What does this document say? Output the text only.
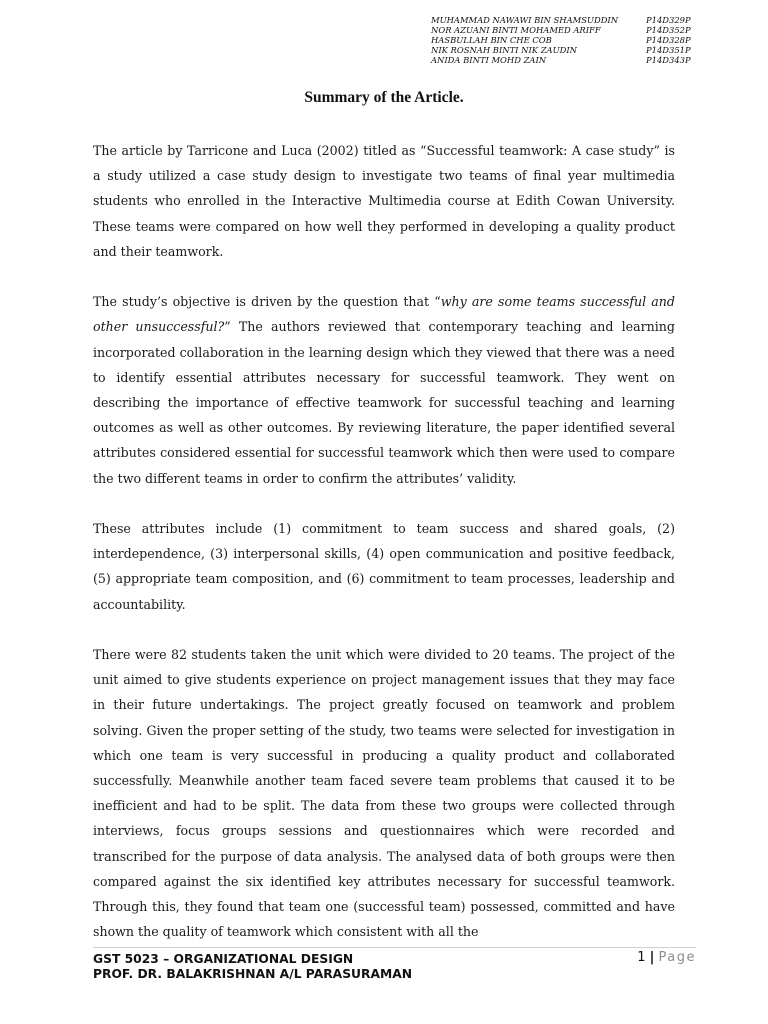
MUHAMMAD NAWAWI BIN SHAMSUDDIN	P14D329P
NOR AZUANI BINTI MOHAMED ARIFF	P14D352P
HASBULLAH BIN CHE COB	P14D328P
NIK ROSNAH BINTI NIK ZAUDIN	P14D351P
ANIDA BINTI MOHD ZAIN	P14D343P
Summary of the Article.

The article by Tarricone and Luca (2002) titled as “Successful teamwork: A case study” is a study utilized a case study design to investigate two teams of final year multimedia students who enrolled in the Interactive Multimedia course at Edith Cowan University. These teams were compared on how well they performed in developing a quality product and their teamwork.

The study’s objective is driven by the question that “why are some teams successful and other unsuccessful?” The authors reviewed that contemporary teaching and learning incorporated collaboration in the learning design which they viewed that there was a need to identify essential attributes necessary for successful teamwork. They went on describing the importance of effective teamwork for successful teaching and learning outcomes as well as other outcomes. By reviewing literature, the paper identified several attributes considered essential for successful teamwork which then were used to compare the two different teams in order to confirm the attributes’ validity.

These attributes include (1) commitment to team success and shared goals, (2) interdependence, (3) interpersonal skills, (4) open communication and positive feedback, (5) appropriate team composition, and (6) commitment to team processes, leadership and accountability.

There were 82 students taken the unit which were divided to 20 teams. The project of the unit aimed to give students experience on project management issues that they may face in their future undertakings. The project greatly focused on teamwork and problem solving. Given the proper setting of the study, two teams were selected for investigation in which one team is very successful in producing a quality product and collaborated successfully. Meanwhile another team faced severe team problems that caused it to be inefficient and had to be split. The data from these two groups were collected through interviews, focus groups sessions and questionnaires which were recorded and transcribed for the purpose of data analysis. The analysed data of both groups were then compared against the six identified key attributes necessary for successful teamwork. Through this, they found that team one (successful team) possessed, committed and have shown the quality of teamwork which consistent with all the

GST 5023 – ORGANIZATIONAL DESIGN
PROF. DR. BALAKRISHNAN A/L PARASURAMAN
1 | Page
